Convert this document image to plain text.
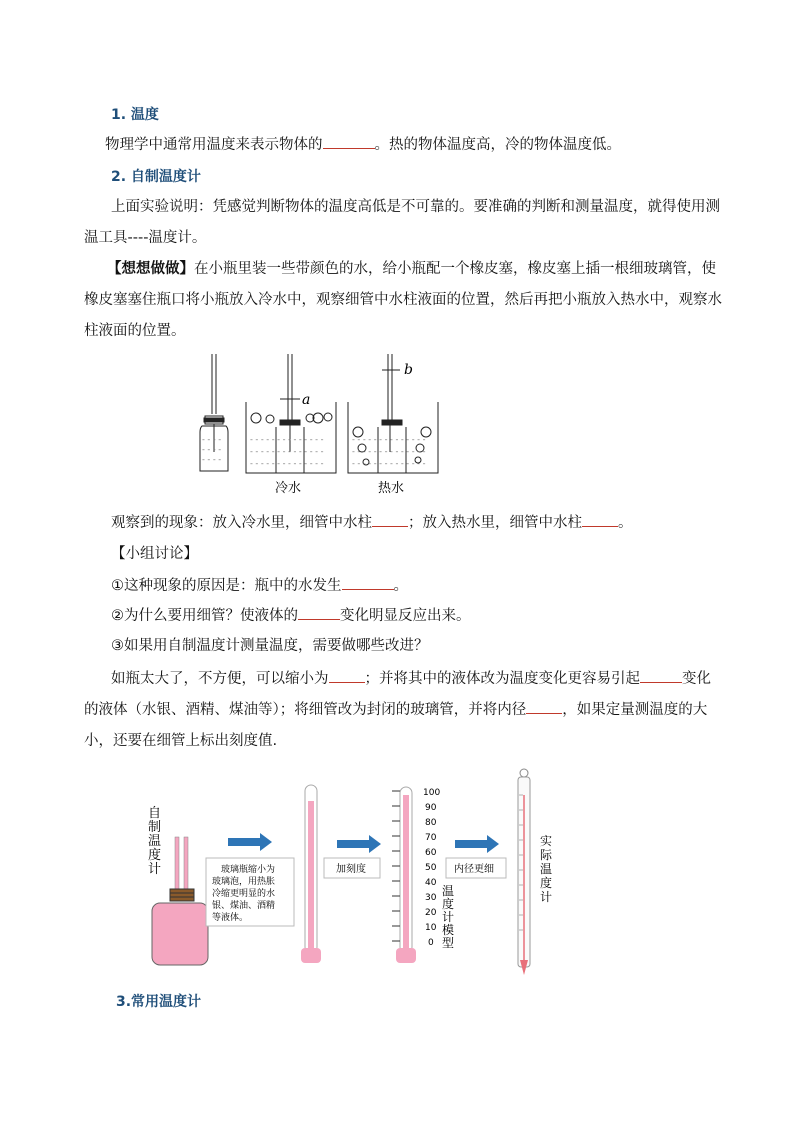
1. 温度
物理学中通常用温度来表示物体的	。热的物体温度高，冷的物体温度低。
2. 自制温度计
上面实验说明：凭感觉判断物体的温度高低是不可靠的。要准确的判断和测量温度，就得使用测
温工具----温度计。
【想想做做】在小瓶里装一些带颜色的水，给小瓶配一个橡皮塞，橡皮塞上插一根细玻璃管，使
橡皮塞塞住瓶口将小瓶放入冷水中，观察细管中水柱液面的位置，然后再把小瓶放入热水中，观察水
柱液面的位置。
- - - -
- - - -
- - - -
a
- - - - - - - - - - - - - -
- - - - - - - - - - - - - -
- - - - - - - - - - - - - -
冷水
b
- - - - - - - - - - - - - -
- - - - - - - - - - - - - -
- - - - - - - - - - - - - -
热水
观察到的现象：放入冷水里，细管中水柱 ；放入热水里，细管中水柱 。
【小组讨论】
①这种现象的原因是：瓶中的水发生	。
②为什么要用细管？使液体的	变化明显反应出来。
③如果用自制温度计测量温度，需要做哪些改进？
如瓶太大了，不方便，可以缩小为 ；并将其中的液体改为温度变化更容易引起	变化
的液体（水银、酒精、煤油等）；将细管改为封闭的玻璃管，并将内径 ，如果定量测温度的大
小，还要在细管上标出刻度值.
自
制
温
度
计	玻璃瓶缩小为
玻璃泡，用热胀
冷缩更明显的水
银、煤油、酒精
等液体。
加刻度
100
90
80
70
60
50
40
30
20
10
0
温
度
计
模
型
内径更细
实
际
温
度
计
3.常用温度计
